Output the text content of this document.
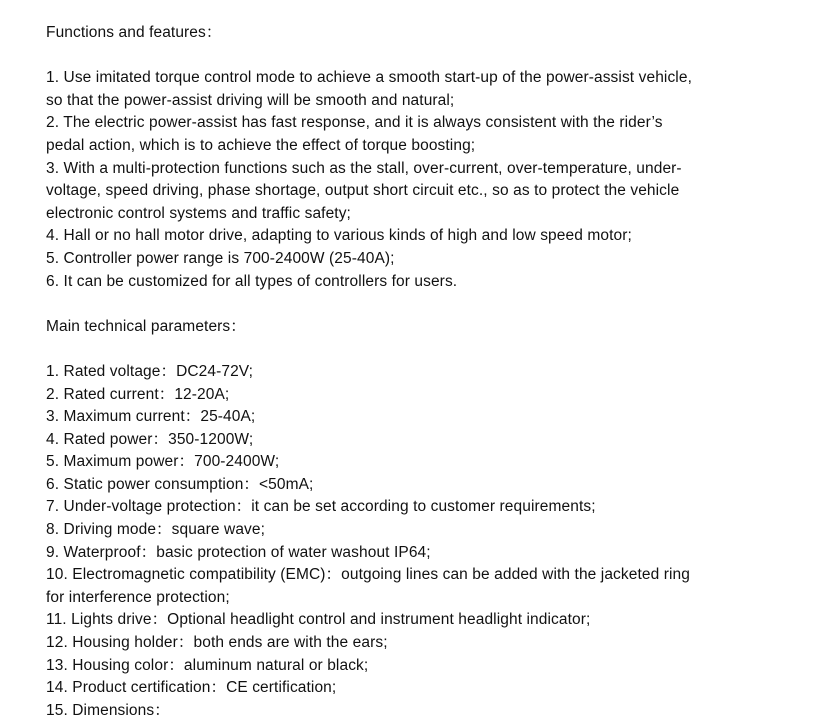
Functions and features：
1. Use imitated torque control mode to achieve a smooth start-up of the power-assist vehicle,
so that the power-assist driving will be smooth and natural;
2. The electric power-assist has fast response, and it is always consistent with the rider’s
pedal action, which is to achieve the effect of torque boosting;
3. With a multi-protection functions such as the stall, over-current, over-temperature, under-
voltage, speed driving, phase shortage, output short circuit etc., so as to protect the vehicle
electronic control systems and traffic safety;
4. Hall or no hall motor drive, adapting to various kinds of high and low speed motor;
5. Controller power range is 700-2400W (25-40A);
6. It can be customized for all types of controllers for users.
Main technical parameters：
1. Rated voltage：DC24-72V;
2. Rated current：12-20A;
3. Maximum current：25-40A;
4. Rated power：350-1200W;
5. Maximum power：700-2400W;
6. Static power consumption：<50mA;
7. Under-voltage protection：it can be set according to customer requirements;
8. Driving mode：square wave;
9. Waterproof：basic protection of water washout IP64;
10. Electromagnetic compatibility (EMC)：outgoing lines can be added with the jacketed ring
for interference protection;
11. Lights drive：Optional headlight control and instrument headlight indicator;
12. Housing holder：both ends are with the ears;
13. Housing color：aluminum natural or black;
14. Product certification：CE certification;
15. Dimensions：
